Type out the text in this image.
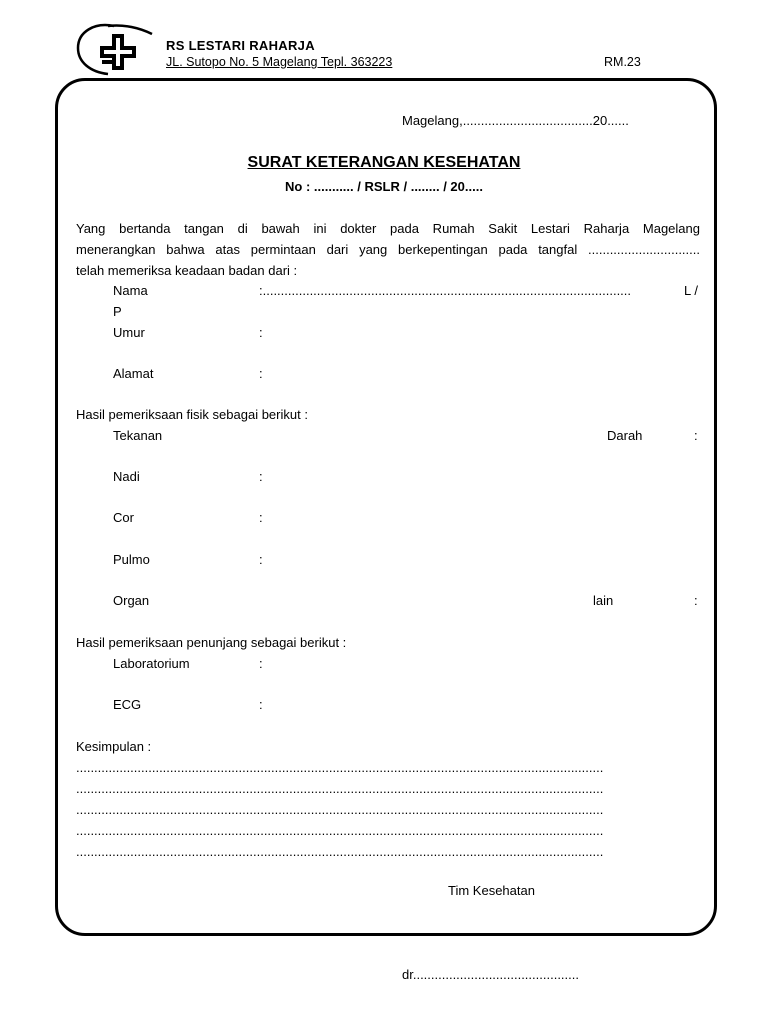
RS LESTARI RAHARJA
JL. Sutopo No. 5 Magelang Tepl. 363223	RM.23
Magelang,....................................20......
SURAT KETERANGAN KESEHATAN
No : ........... / RSLR / ........ / 20.....
Yang bertanda tangan di bawah ini dokter pada Rumah Sakit Lestari Raharja Magelang
menerangkan bahwa atas permintaan dari yang berkepentingan pada tangfal ...............................
telah memeriksa keadaan badan dari :
Nama	:......................................................................................................	L /
P
Umur	:
Alamat	:
Hasil pemeriksaan fisik sebagai berikut :
Tekanan	Darah	:
Nadi	:
Cor	:
Pulmo	:
Organ	lain	:
Hasil pemeriksaan penunjang sebagai berikut :
Laboratorium	:
ECG	:
Kesimpulan :
..................................................................................................................................................
..................................................................................................................................................
..................................................................................................................................................
..................................................................................................................................................
..................................................................................................................................................
Tim Kesehatan
dr..............................................
